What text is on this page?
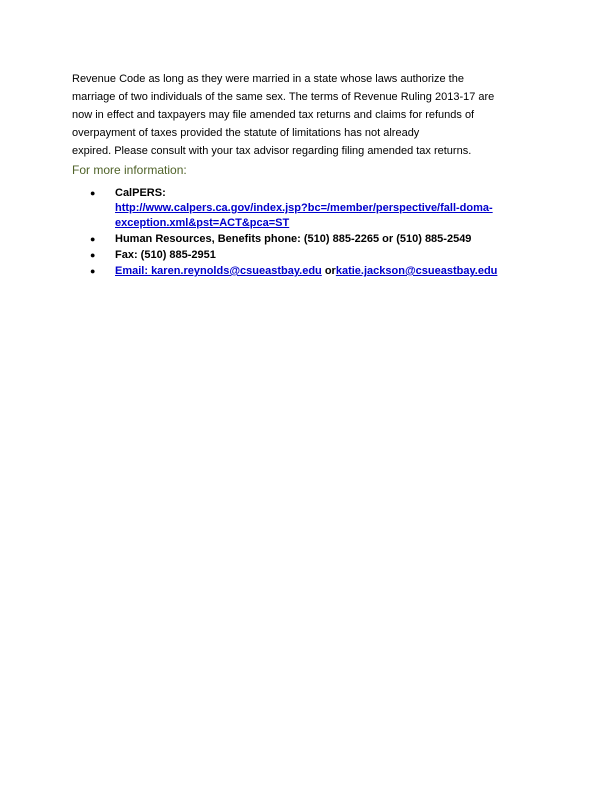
Revenue Code as long as they were married in a state whose laws authorize the
marriage of two individuals of the same sex. The terms of Revenue Ruling 2013-17 are
now in effect and taxpayers may file amended tax returns and claims for refunds of
overpayment of taxes provided the statute of limitations has not already
expired. Please consult with your tax advisor regarding filing amended tax returns.

For more information:
● CalPERS:
http://www.calpers.ca.gov/index.jsp?bc=/member/perspective/fall-doma-
exception.xml&pst=ACT&pca=ST
● Human Resources, Benefits phone: (510) 885-2265 or (510) 885-2549
● Fax: (510) 885-2951
● Email: karen.reynolds@csueastbay.edu orkatie.jackson@csueastbay.edu
